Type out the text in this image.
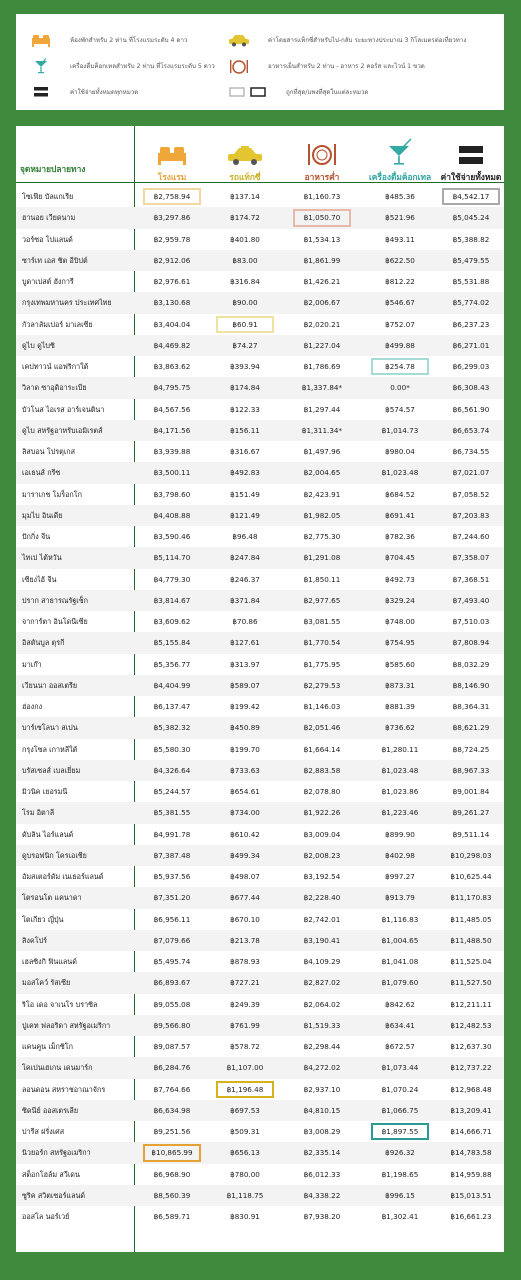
ห้องพักสำหรับ 2 ท่าน ที่โรงแรมระดับ 4 ดาว	ค่าโดยสารแท็กซี่สำหรับไป-กลับ ระยะทางประมาณ 3 กิโลเมตรต่อเที่ยวทาง
เครื่องดื่มค็อกเทลสำหรับ 2 ท่าน ที่โรงแรมระดับ 5 ดาว	อาหารเย็นสำหรับ 2 ท่าน - อาหาร 2 คอร์ส และไวน์ 1 ขวด
ค่าใช้จ่ายทั้งหมดทุกหมวด	ถูกที่สุด/แพงที่สุดในแต่ละหมวด
จุดหมายปลายทาง
โรงแรม	รถแท็กซี่	อาหารค่ำ	เครื่องดื่มค็อกเทล	ค่าใช้จ่ายทั้งหมด
โซเฟีย บัลแกเรีย	฿2,758.94	฿137.14	฿1,160.73	฿485.36	฿4,542.17
ฮานอย เวียดนาม	฿3,297.86	฿174.72	฿1,050.70	฿521.96	฿5,045.24
วอร์ซอ โปแลนด์	฿2,959.78	฿401.80	฿1,534.13	฿493.11	฿5,388.82
ซาร์เท เอส ซิต อีบิปต์	฿2,912.06	฿83.00	฿1,861.99	฿622.50	฿5,479.55
บูดาเปสต์ ฮังการี	฿2,976.61	฿316.84	฿1,426.21	฿812.22	฿5,531.88
กรุงเทพมหานคร ประเทศไทย	฿3,130.68	฿90.00	฿2,006.67	฿546.67	฿5,774.02
กัวลาลัมเปอร์ มาเลเซีย	฿3,404.04	฿60.91	฿2,020.21	฿752.07	฿6,237.23
ดูไบ ดูไบซิ	฿4,469.82	฿74.27	฿1,227.04	฿499.88	฿6,271.01
เคปทาวน์ แอฟริกาใต้	฿3,863.62	฿393.94	฿1,786.69	฿254.78	฿6,299.03
วิลาด ซาอุดิอาระเบีย	฿4,795.75	฿174.84	฿1,337.84*	0.00*	฿6,308.43
บัวโนส ไอเรส อาร์เจนตินา	฿4,567.56	฿122.33	฿1,297.44	฿574.57	฿6,561.90
ดูไบ สหรัฐอาหรับเอมิเรตส์	฿4,171.56	฿156.11	฿1,311.34*	฿1,014.73	฿6,653.74
ลิสบอน โปรตุเกส	฿3,939.88	฿316.67	฿1,497.96	฿980.04	฿6,734.55
เอเธนส์ กรีซ	฿3,500.11	฿492.83	฿2,004.65	฿1,023.48	฿7,021.07
มาราเกช โมร็อกโก	฿3,798.60	฿151.49	฿2,423.91	฿684.52	฿7,058.52
มุมไบ อินเดีย	฿4,408.88	฿121.49	฿1,982.05	฿691.41	฿7,203.83
ปักกิ่ง จีน	฿3,590.46	฿96.48	฿2,775.30	฿782.36	฿7,244.60
ไทเป ไต้หวัน	฿5,114.70	฿247.84	฿1,291.08	฿704.45	฿7,358.07
เซียงไฮ้ จีน	฿4,779.30	฿246.37	฿1,850.11	฿492.73	฿7,368.51
ปราก สาธารณรัฐเช็ก	฿3,814.67	฿371.84	฿2,977.65	฿329.24	฿7,493.40
จาการ์ตา อินโดนีเซีย	฿3,609.62	฿70.86	฿3,081.55	฿748.00	฿7,510.03
อิสตันบูล ตุรกี	฿5,155.84	฿127.61	฿1,770.54	฿754.95	฿7,808.94
มาเก๊า	฿5,356.77	฿313.97	฿1,775.95	฿585.60	฿8,032.29
เวียนนา ออสเตรีย	฿4,404.99	฿589.07	฿2,279.53	฿873.31	฿8,146.90
ฮ่องกง	฿6,137.47	฿199.42	฿1,146.03	฿881.39	฿8,364.31
บาร์เซโลนา สเปน	฿5,382.32	฿450.89	฿2,051.46	฿736.62	฿8,621.29
กรุงโซล เกาหลีใต้	฿5,580.30	฿199.70	฿1,664.14	฿1,280.11	฿8,724.25
บรัสเซลส์ เบลเยี่ยม	฿4,326.64	฿733.63	฿2,883.58	฿1,023.48	฿8,967.33
มิวนิค เยอรมนี	฿5,244.57	฿654.61	฿2,078.80	฿1,023.86	฿9,001.84
โรม อิตาลี	฿5,381.55	฿734.00	฿1,922.26	฿1,223.46	฿9,261.27
ดับลิน ไอร์แลนด์	฿4,991.78	฿610.42	฿3,009.04	฿899.90	฿9,511.14
ดูบรอฟนิก โครเอเชีย	฿7,387.48	฿499.34	฿2,008.23	฿402.98	฿10,298.03
อัมสเตอร์ดัม เนเธอร์แลนด์	฿5,937.56	฿498.07	฿3,192.54	฿997.27	฿10,625.44
โตรอนโต แคนาดา	฿7,351.20	฿677.44	฿2,228.40	฿913.79	฿11,170.83
โตเกียว ญี่ปุ่น	฿6,956.11	฿670.10	฿2,742.01	฿1,116.83	฿11,485.05
สิงคโปร์	฿7,079.66	฿213.78	฿3,190.41	฿1,004.65	฿11,488.50
เฮลซิงกิ ฟินแลนด์	฿5,495.74	฿878.93	฿4,109.29	฿1,041.08	฿11,525.04
มอสโคว์ รัสเซีย	฿6,893.67	฿727.21	฿2,827.02	฿1,079.60	฿11,527.50
ริโอ เดอ จาเนโร บราซิล	฿9,055.08	฿249.39	฿2,064.02	฿842.62	฿12,211.11
ปูเคท ฟลอริดา สหรัฐอเมริกา	฿9,566.80	฿761.99	฿1,519.33	฿634.41	฿12,482.53
แคนคูน เม็กซิโก	฿9,087.57	฿578.72	฿2,298.44	฿672.57	฿12,637.30
โคเปนเฮเกน เดนมาร์ก	฿6,284.76	฿1,107.00	฿4,272.02	฿1,073.44	฿12,737.22
ลอนดอน สหราชอาณาจักร	฿7,764.66	฿1,196.48	฿2,937.10	฿1,070.24	฿12,968.48
ซิดนีย์ ออสเตรเลีย	฿6,634.98	฿697.53	฿4,810.15	฿1,066.75	฿13,209.41
ปารีส ฝรั่งเศส	฿9,251.56	฿509.31	฿3,008.29	฿1,897.55	฿14,666.71
นิวยอร์ก สหรัฐอเมริกา	฿10,865.99	฿656.13	฿2,335.14	฿926.32	฿14,783.58
สต็อกโฮล์ม สวีเดน	฿6,968.90	฿780.00	฿6,012.33	฿1,198.65	฿14,959.88
ซูริค สวิตเซอร์แลนด์	฿8,560.39	฿1,118.75	฿4,338.22	฿996.15	฿15,013.51
ออสโล นอร์เวย์	฿6,589.71	฿830.91	฿7,938.20	฿1,302.41	฿16,661.23
